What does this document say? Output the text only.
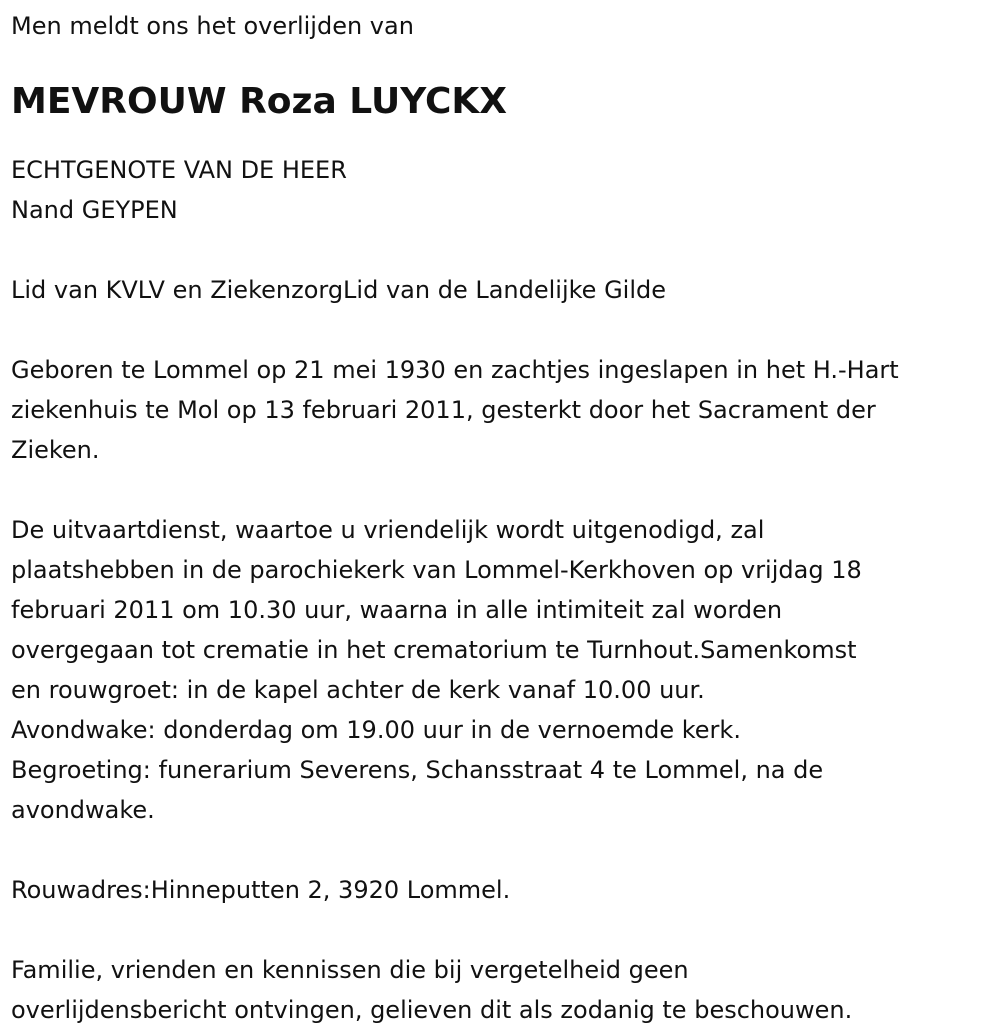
Men meldt ons het overlijden van

MEVROUW Roza LUYCKX

ECHTGENOTE VAN DE HEER

Nand GEYPEN

Lid van KVLV en ZiekenzorgLid van de Landelijke Gilde

Geboren te Lommel op 21 mei 1930 en zachtjes ingeslapen in het H.-Hart

ziekenhuis te Mol op 13 februari 2011, gesterkt door het Sacrament der

Zieken.

De uitvaartdienst, waartoe u vriendelijk wordt uitgenodigd, zal

plaatshebben in de parochiekerk van Lommel-Kerkhoven op vrijdag 18

februari 2011 om 10.30 uur, waarna in alle intimiteit zal worden

overgegaan tot crematie in het crematorium te Turnhout.Samenkomst

en rouwgroet: in de kapel achter de kerk vanaf 10.00 uur.

Avondwake: donderdag om 19.00 uur in de vernoemde kerk.

Begroeting: funerarium Severens, Schansstraat 4 te Lommel, na de

avondwake.

Rouwadres:Hinneputten 2, 3920 Lommel.

Familie, vrienden en kennissen die bij vergetelheid geen

overlijdensbericht ontvingen, gelieven dit als zodanig te beschouwen.
